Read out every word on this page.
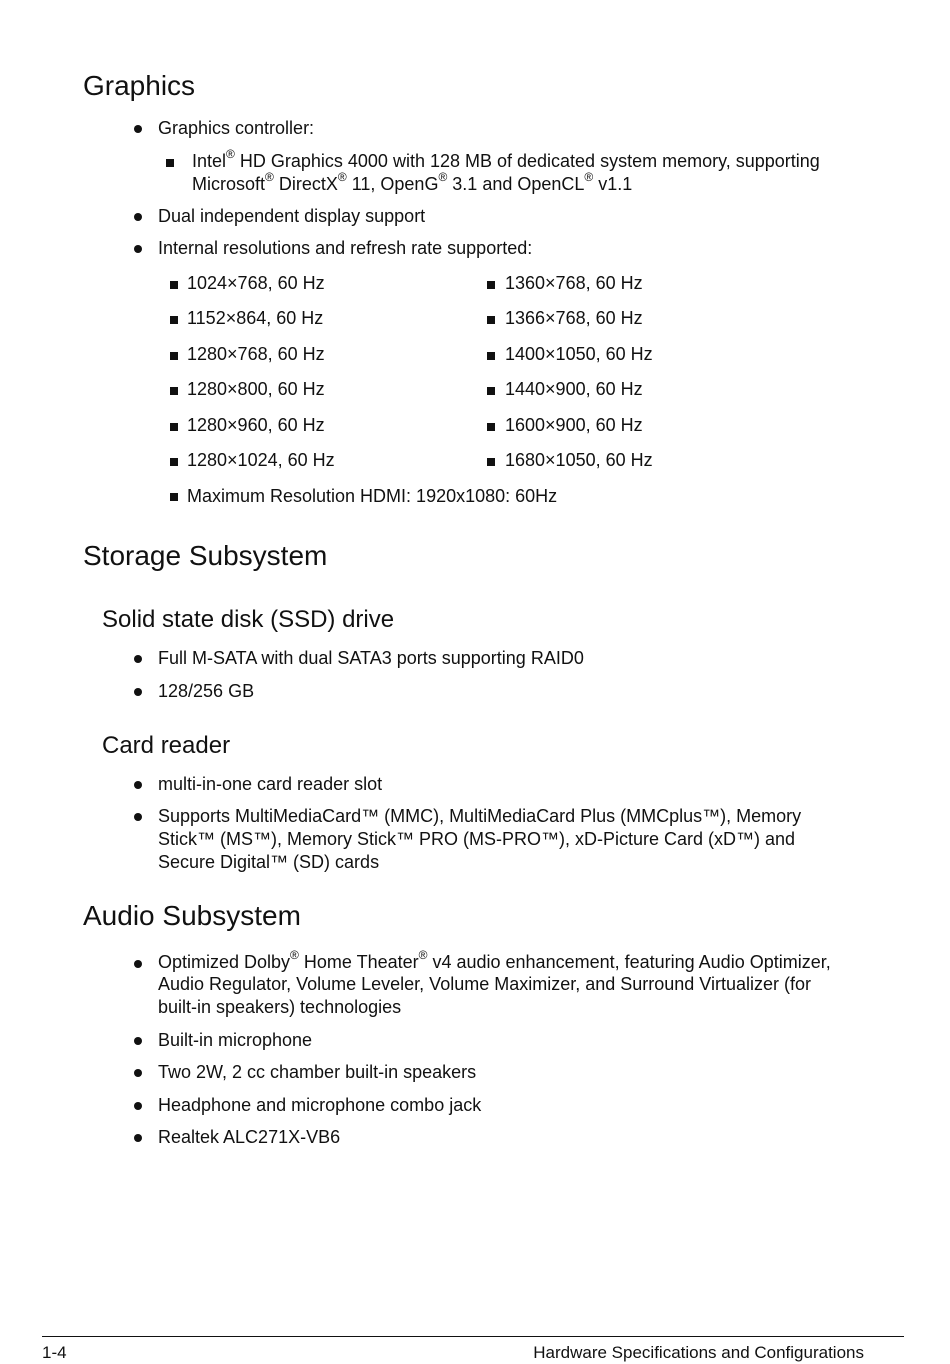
Graphics
Graphics controller:
Intel® HD Graphics 4000 with 128 MB of dedicated system memory, supporting
Microsoft® DirectX® 11, OpenG® 3.1 and OpenCL® v1.1
Dual independent display support
Internal resolutions and refresh rate supported:
1024×768, 60 Hz
1152×864, 60 Hz
1280×768, 60 Hz
1280×800, 60 Hz
1280×960, 60 Hz
1280×1024, 60 Hz
1360×768, 60 Hz
1366×768, 60 Hz
1400×1050, 60 Hz
1440×900, 60 Hz
1600×900, 60 Hz
1680×1050, 60 Hz
Maximum Resolution HDMI: 1920x1080: 60Hz
Storage Subsystem
Solid state disk (SSD) drive
Full M-SATA with dual SATA3 ports supporting RAID0
128/256 GB
Card reader
multi-in-one card reader slot
Supports MultiMediaCard™ (MMC), MultiMediaCard Plus (MMCplus™), Memory
Stick™ (MS™), Memory Stick™ PRO (MS-PRO™), xD-Picture Card (xD™) and
Secure Digital™ (SD) cards
Audio Subsystem
Optimized Dolby® Home Theater® v4 audio enhancement, featuring Audio Optimizer,
Audio Regulator, Volume Leveler, Volume Maximizer, and Surround Virtualizer (for
built-in speakers) technologies
Built-in microphone
Two 2W, 2 cc chamber built-in speakers
Headphone and microphone combo jack
Realtek ALC271X-VB6
1-4	Hardware Specifications and Configurations
